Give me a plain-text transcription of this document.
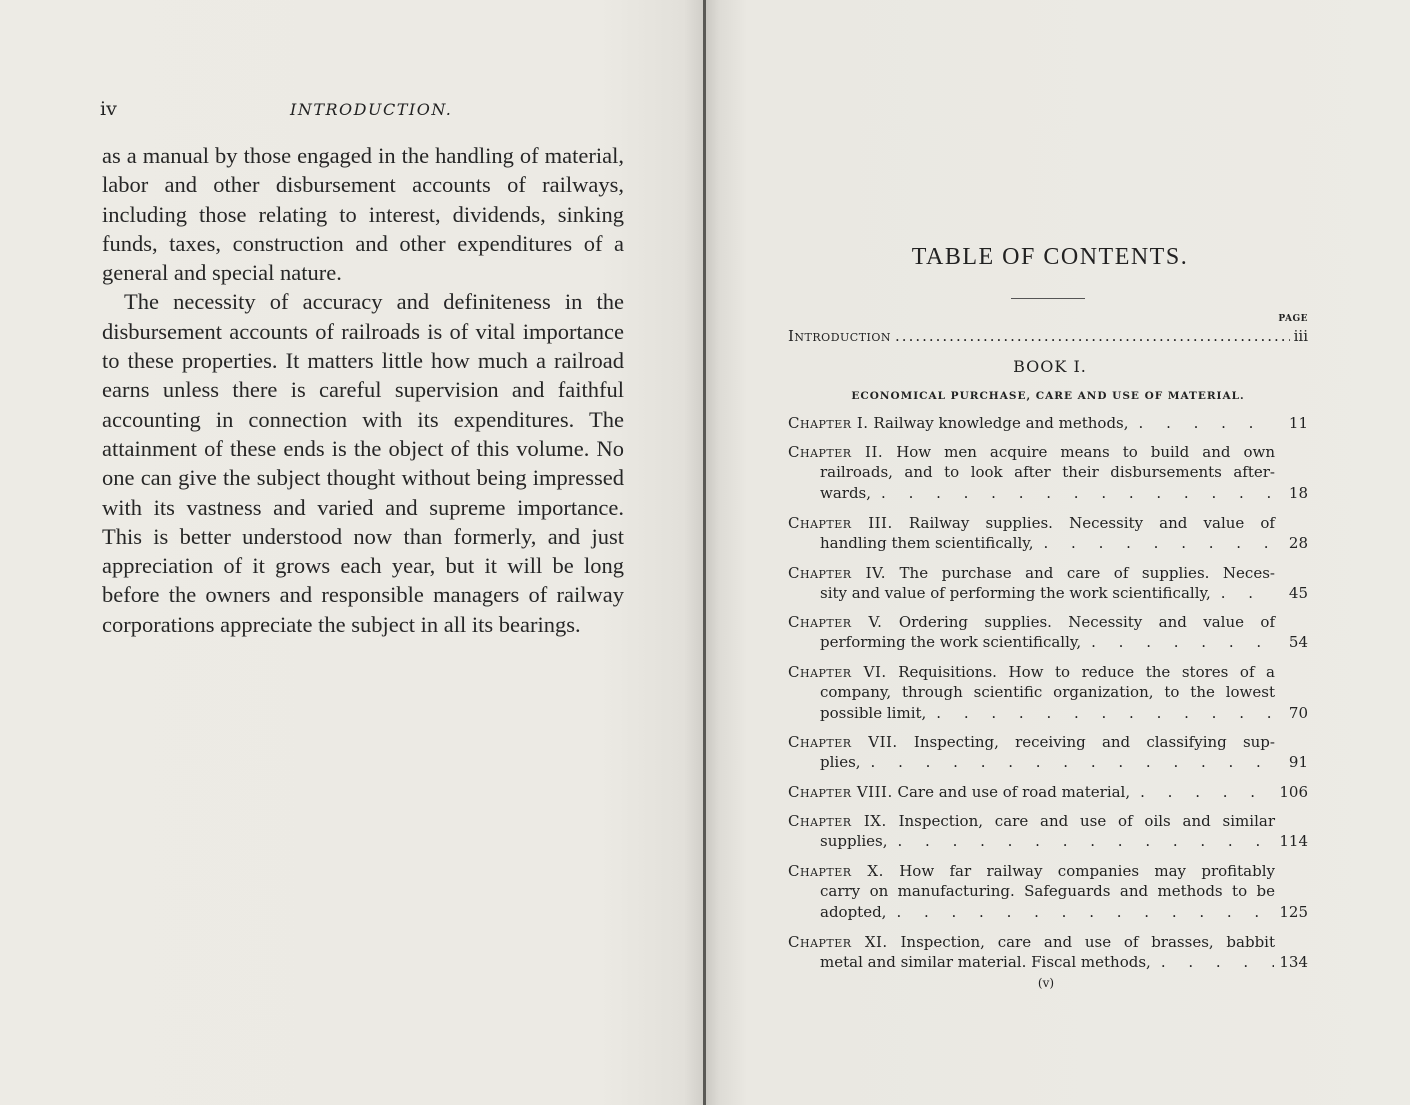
iv	INTRODUCTION.

as a manual by those engaged in the handling of material, labor and other disbursement accounts of railways, including those relating to interest, dividends, sinking funds, taxes, construction and other expenditures of a general and special nature.

The necessity of accuracy and definiteness in the disbursement accounts of railroads is of vital importance to these properties. It matters little how much a railroad earns unless there is careful supervision and faithful accounting in connection with its expenditures. The attainment of these ends is the object of this volume. No one can give the subject thought without being impressed with its vastness and varied and supreme importance. This is better understood now than formerly, and just appreciation of it grows each year, but it will be long before the owners and responsible managers of railway corporations appreciate the subject in all its bearings.

TABLE OF CONTENTS.
PAGE
Introduction .....	iii
BOOK I.
ECONOMICAL PURCHASE, CARE AND USE OF MATERIAL.
Chapter I. Railway knowledge and methods, . . .	11
Chapter II. How men acquire means to build and own
railroads, and to look after their disbursements after-
wards, . . .	18
Chapter III. Railway supplies. Necessity and value of
handling them scientifically, . . .	28
Chapter IV. The purchase and care of supplies. Neces-
sity and value of performing the work scientifically, . . .	45
Chapter V. Ordering supplies. Necessity and value of
performing the work scientifically, . . .	54
Chapter VI. Requisitions. How to reduce the stores of a
company, through scientific organization, to the lowest
possible limit, . . .	70
Chapter VII. Inspecting, receiving and classifying sup-
plies, . . .	91
Chapter VIII. Care and use of road material, . . .	106
Chapter IX. Inspection, care and use of oils and similar
supplies, . . .	114
Chapter X. How far railway companies may profitably
carry on manufacturing. Safeguards and methods to be
adopted, . . .	125
Chapter XI. Inspection, care and use of brasses, babbit
metal and similar material. Fiscal methods, . . .	134
(v)
